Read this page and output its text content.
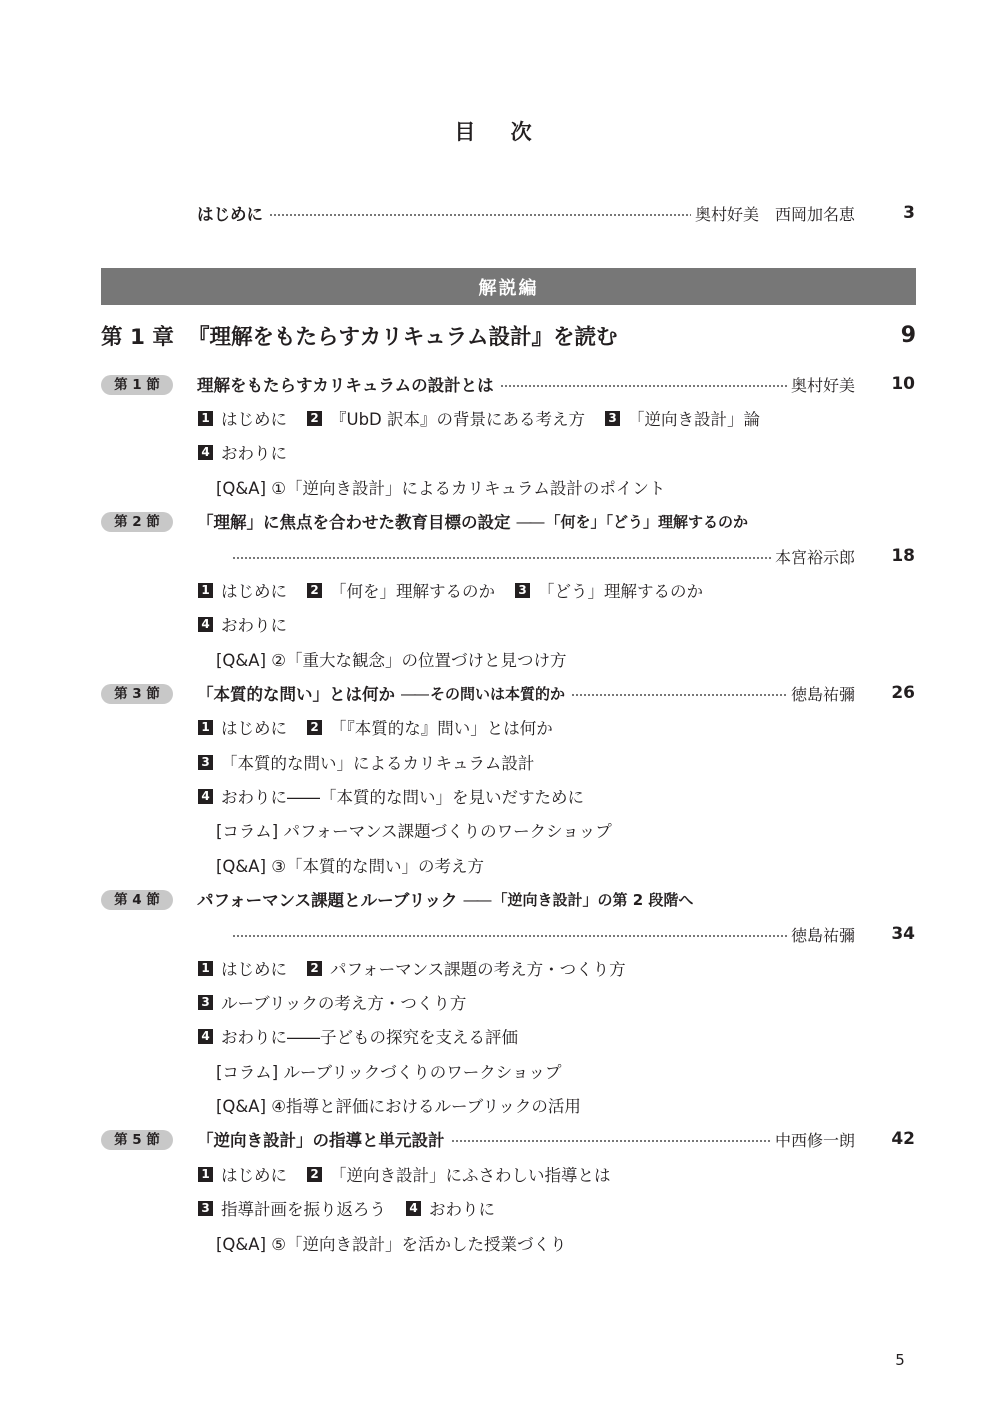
目 次
はじめに	奥村好美　西岡加名恵	3
解説編
第 1 章 『理解をもたらすカリキュラム設計』を読む	9
第 1 節	理解をもたらすカリキュラムの設計とは	奥村好美	10
1 はじめに 2 『UbD 訳本』の背景にある考え方 3 「逆向き設計」論
4 おわりに
[Q&A] ①「逆向き設計」によるカリキュラム設計のポイント
第 2 節	「理解」に焦点を合わせた教育目標の設定	―― 「何を」「どう」理解するのか
本宮裕示郎	18
1 はじめに 2 「何を」理解するのか 3 「どう」理解するのか
4 おわりに
[Q&A] ②「重大な観念」の位置づけと見つけ方
第 3 節	「本質的な問い」とは何か	―― その問いは本質的か	徳島祐彌	26
1 はじめに 2 「『本質的な』問い」とは何か
3 「本質的な問い」によるカリキュラム設計
4 おわりに――「本質的な問い」を見いだすために
[コラム] パフォーマンス課題づくりのワークショップ
[Q&A] ③「本質的な問い」の考え方
第 4 節	パフォーマンス課題とルーブリック	―― 「逆向き設計」の第 2 段階へ
徳島祐彌	34
1 はじめに 2 パフォーマンス課題の考え方・つくり方
3 ルーブリックの考え方・つくり方
4 おわりに――子どもの探究を支える評価
[コラム] ルーブリックづくりのワークショップ
[Q&A] ④指導と評価におけるルーブリックの活用
第 5 節	「逆向き設計」の指導と単元設計	中西修一朗	42
1 はじめに 2 「逆向き設計」にふさわしい指導とは
3 指導計画を振り返ろう 4 おわりに
[Q&A] ⑤「逆向き設計」を活かした授業づくり
5
